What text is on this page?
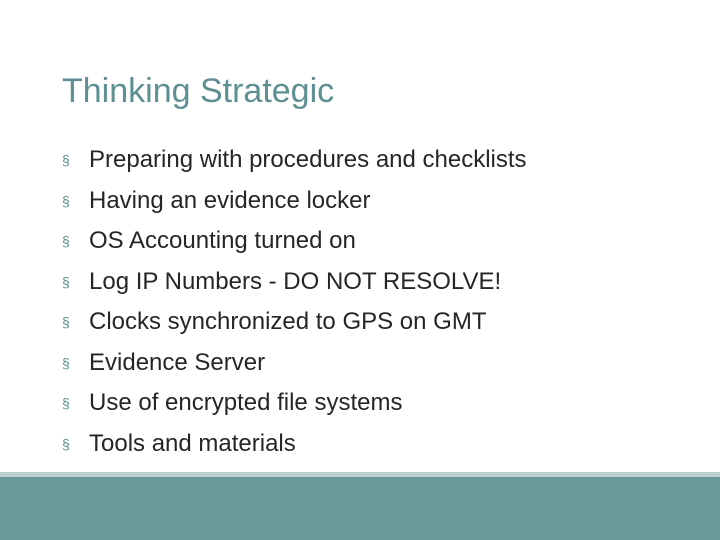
Thinking Strategic
§ Preparing with procedures and checklists
§ Having an evidence locker
§ OS Accounting turned on
§ Log IP Numbers - DO NOT RESOLVE!
§ Clocks synchronized to GPS on GMT
§ Evidence Server
§ Use of encrypted file systems
§ Tools and materials
